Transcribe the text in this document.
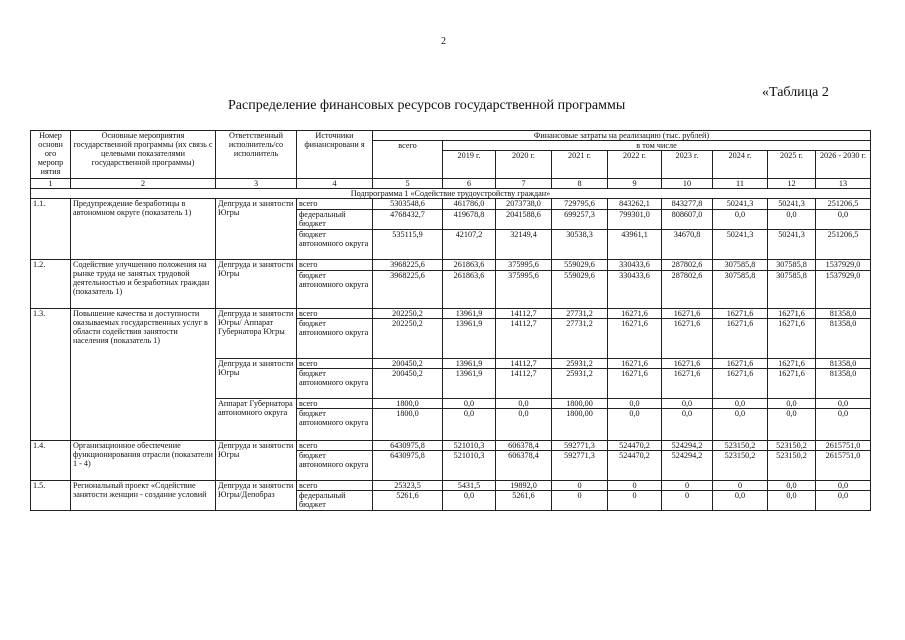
2
«Таблица 2
Распределение финансовых ресурсов государственной программы
Номер основн ого меропр иятия	Основные мероприятия государственной программы (их связь с целевыми показателями государственной программы)	Ответственный исполнитель/со исполнитель	Источники финансировани я	Финансовые затраты на реализацию (тыс. рублей)								
				всего	в том числе							
					2019 г.	2020 г.	2021 г.	2022 г.	2023 г.	2024 г.	2025 г.	2026 - 2030 г.
1	2	3	4	5	6	7	8	9	10	11	12	13
Подпрограмма 1 «Содействие трудоустройству граждан»												
1.1.	Предупреждение безработицы в автономном округе (показатель 1)	Депгруда и занятости Югры	всего	5303548,6	461786,0	2073738,0	729795,6	843262,1	843277,8	50241,3	50241,3	251206,5
			федеральный бюджет	4768432,7	419678,8	2041588,6	699257,3	799301,0	808607,0	0,0	0,0	0,0
			бюджет автономного округа	535115,9	42107,2	32149,4	30538,3	43961,1	34670,8	50241,3	50241,3	251206,5
1.2.	Содействие улучшению положения на рынке труда не занятых трудовой деятельностью и безработных граждан (показатель 1)	Депгруда и занятости Югры	всего	3968225,6	261863,6	375995,6	559029,6	330433,6	287802,6	307585,8	307585,8	1537929,0
			бюджет автономного округа	3968225,6	261863,6	375995,6	559029,6	330433,6	287802,6	307585,8	307585,8	1537929,0
1.3.	Повышение качества и доступности оказываемых государственных услуг в области содействия занятости населения (показатель 1)	Депгруда и занятости Югры/ Аппарат Губернатора Югры	всего	202250,2	13961,9	14112,7	27731,2	16271,6	16271,6	16271,6	16271,6	81358,0
			бюджет автономного округа	202250,2	13961,9	14112,7	27731,2	16271,6	16271,6	16271,6	16271,6	81358,0
		Депгруда и занятости Югры	всего	200450,2	13961,9	14112,7	25931,2	16271,6	16271,6	16271,6	16271,6	81358,0
			бюджет автономного округа	200450,2	13961,9	14112,7	25931,2	16271,6	16271,6	16271,6	16271,6	81358,0
		Аппарат Губернатора автономного округа	всего	1800,0	0,0	0,0	1800,00	0,0	0,0	0,0	0,0	0,0
			бюджет автономного округа	1800,0	0,0	0,0	1800,00	0,0	0,0	0,0	0,0	0,0
1.4.	Организационное обеспечение функционирования отрасли (показатели 1 - 4)	Депгруда и занятости Югры	всего	6430975,8	521010,3	606378,4	592771,3	524470,2	524294,2	523150,2	523150,2	2615751,0
			бюджет автономного округа	6430975,8	521010,3	606378,4	592771,3	524470,2	524294,2	523150,2	523150,2	2615751,0
1.5.	Региональный проект «Содействие занятости женщин - создание условий	Депгруда и занятости Югры/Депобраз	всего	25323,5	5431,5	19892,0	0	0	0	0	0,0	0,0
			федеральный бюджет	5261,6	0,0	5261,6	0	0	0	0,0	0,0	0,0
